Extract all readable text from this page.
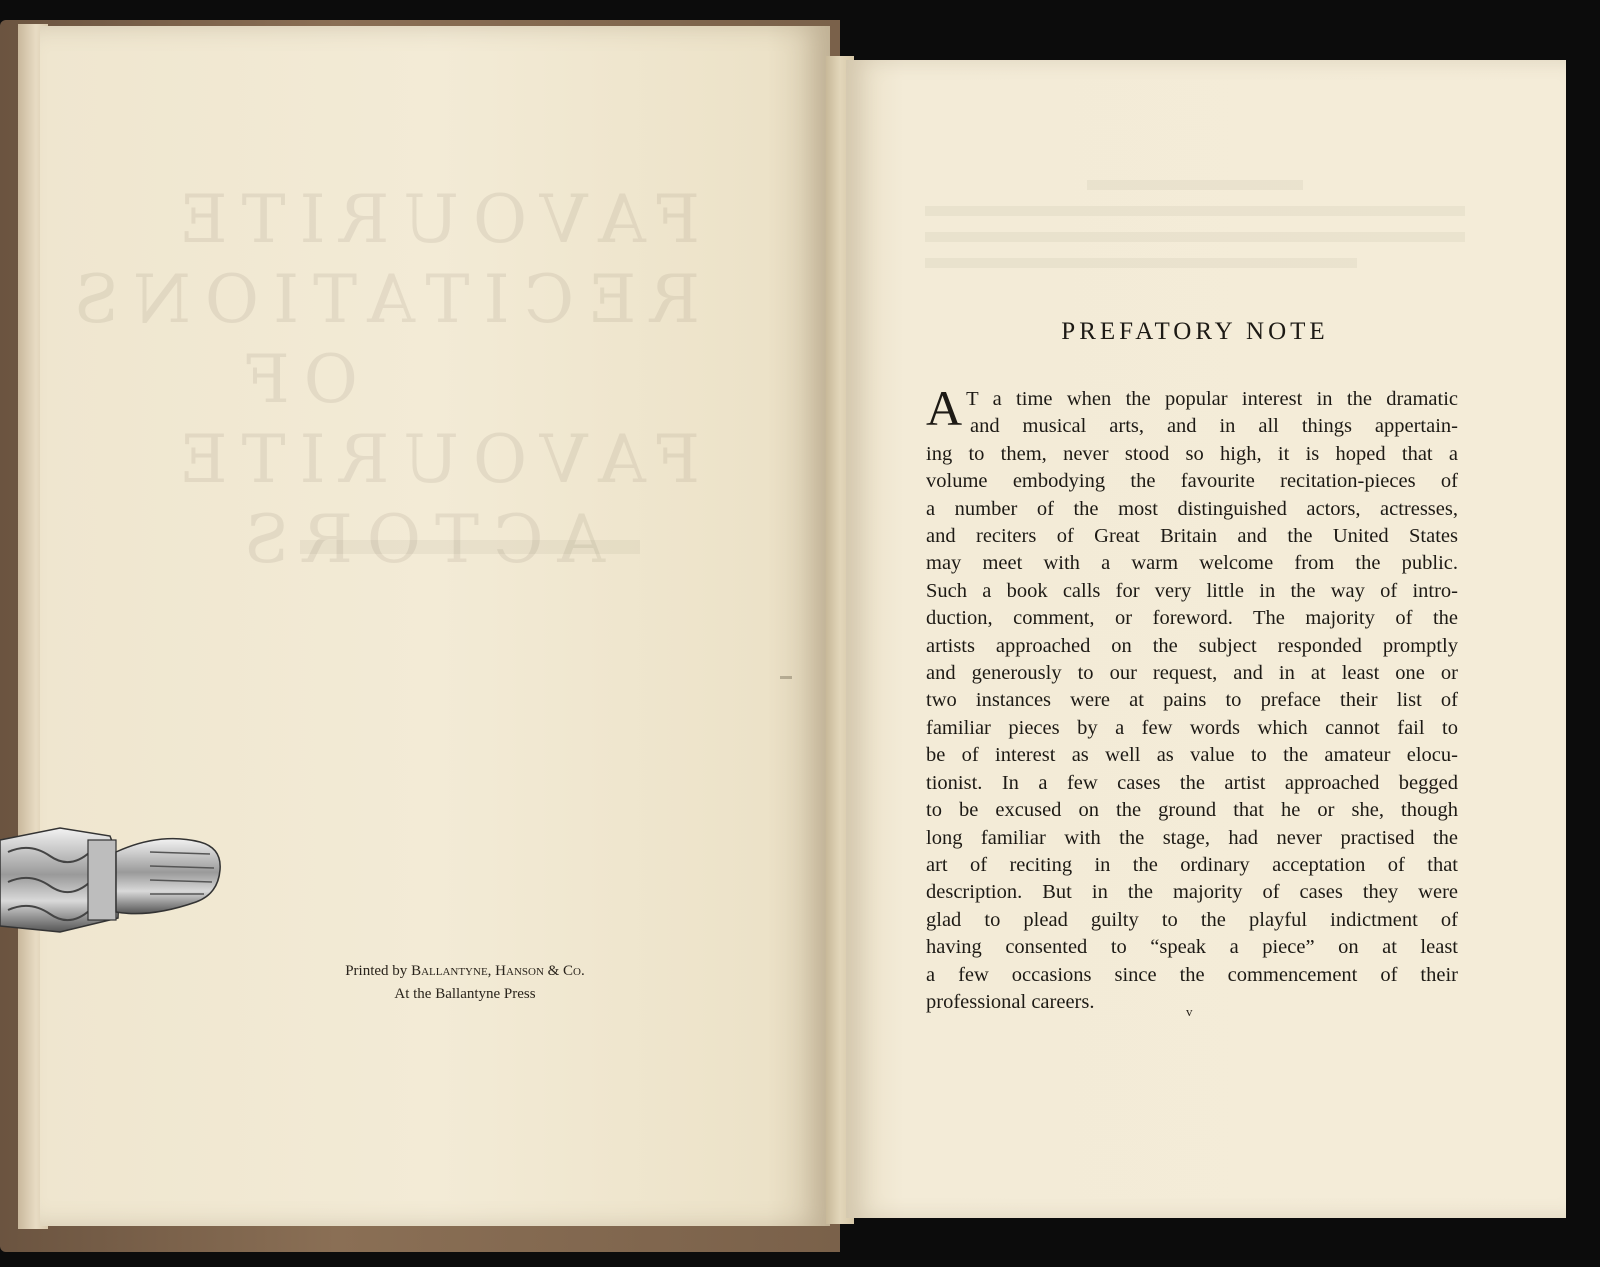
FAVOURITE
RECITATIONS OF
FAVOURITE ACTORS
Printed by Ballantyne, Hanson & Co.
At the Ballantyne Press
PREFATORY NOTE
A T a time when the popular interest in the dramatic
and musical arts, and in all things appertain-
ing to them, never stood so high, it is hoped that a
volume embodying the favourite recitation-pieces of
a number of the most distinguished actors, actresses,
and reciters of Great Britain and the United States
may meet with a warm welcome from the public.
Such a book calls for very little in the way of intro-
duction, comment, or foreword. The majority of the
artists approached on the subject responded promptly
and generously to our request, and in at least one or
two instances were at pains to preface their list of
familiar pieces by a few words which cannot fail to
be of interest as well as value to the amateur elocu-
tionist. In a few cases the artist approached begged
to be excused on the ground that he or she, though
long familiar with the stage, had never practised the
art of reciting in the ordinary acceptation of that
description. But in the majority of cases they were
glad to plead guilty to the playful indictment of
having consented to “speak a piece” on at least
a few occasions since the commencement of their
professional careers.	v
